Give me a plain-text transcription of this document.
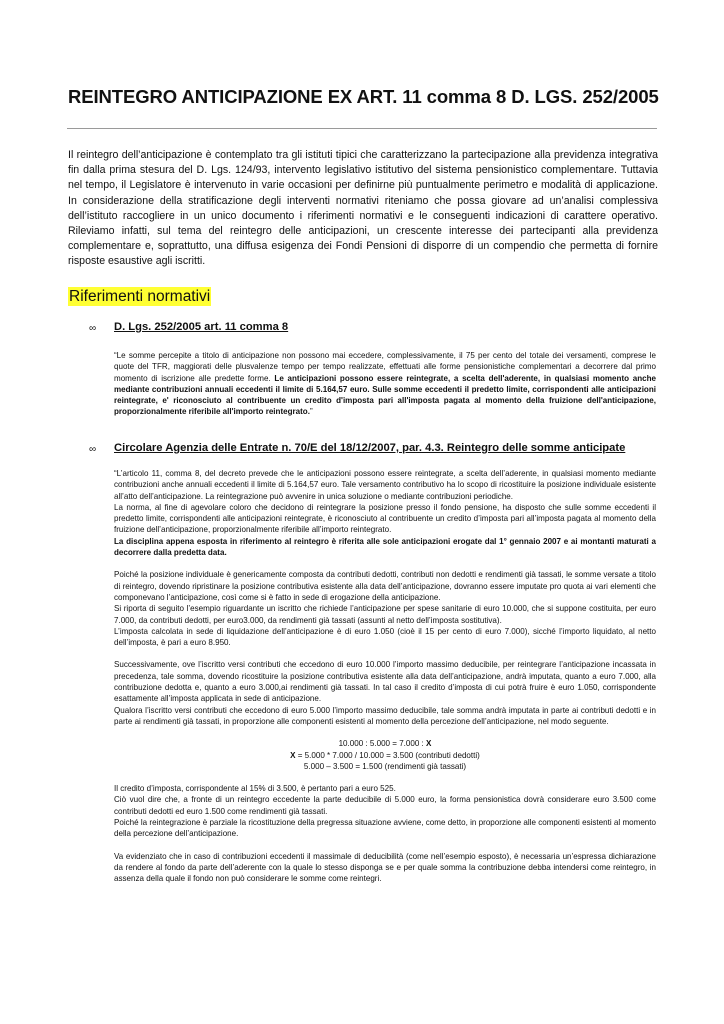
REINTEGRO ANTICIPAZIONE EX ART. 11 comma 8 D. LGS. 252/2005
Il reintegro dell’anticipazione è contemplato tra gli istituti tipici che caratterizzano la partecipazione alla previdenza integrativa fin dalla prima stesura del D. Lgs. 124/93, intervento legislativo istitutivo del sistema pensionistico complementare. Tuttavia nel tempo, il Legislatore è intervenuto in varie occasioni per definirne più puntualmente perimetro e modalità di applicazione. In considerazione della stratificazione degli interventi normativi riteniamo che possa giovare ad un’analisi complessiva dell’istituto raccogliere in un unico documento i riferimenti normativi e le conseguenti indicazioni di carattere operativo. Rileviamo infatti, sul tema del reintegro delle anticipazioni, un crescente interesse dei partecipanti alla previdenza complementare e, soprattutto, una diffusa esigenza dei Fondi Pensioni di disporre di un compendio che permetta di fornire risposte esaustive agli iscritti.
Riferimenti normativi
∞ D. Lgs. 252/2005 art. 11 comma 8

“Le somme percepite a titolo di anticipazione non possono mai eccedere, complessivamente, il 75 per cento del totale dei versamenti, comprese le quote del TFR, maggiorati delle plusvalenze tempo per tempo realizzate, effettuati alle forme pensionistiche complementari a decorrere dal primo momento di iscrizione alle predette forme. Le anticipazioni possono essere reintegrate, a scelta dell'aderente, in qualsiasi momento anche mediante contribuzioni annuali eccedenti il limite di 5.164,57 euro. Sulle somme eccedenti il predetto limite, corrispondenti alle anticipazioni reintegrate, e' riconosciuto al contribuente un credito d'imposta pari all'imposta pagata al momento della fruizione dell'anticipazione, proporzionalmente riferibile all'importo reintegrato.”

∞ Circolare Agenzia delle Entrate n. 70/E del 18/12/2007, par. 4.3. Reintegro delle somme anticipate

“L’articolo 11, comma 8, del decreto prevede che le anticipazioni possono essere reintegrate, a scelta dell’aderente, in qualsiasi momento mediante contribuzioni anche annuali eccedenti il limite di 5.164,57 euro. Tale versamento contributivo ha lo scopo di ricostituire la posizione individuale esistente all’atto dell’anticipazione. La reintegrazione può avvenire in unica soluzione o mediante contribuzioni periodiche.

La norma, al fine di agevolare coloro che decidono di reintegrare la posizione presso il fondo pensione, ha disposto che sulle somme eccedenti il predetto limite, corrispondenti alle anticipazioni reintegrate, è riconosciuto al contribuente un credito d’imposta pari all’imposta pagata al momento della fruizione dell’anticipazione, proporzionalmente riferibile all’importo reintegrato.

La disciplina appena esposta in riferimento al reintegro è riferita alle sole anticipazioni erogate dal 1° gennaio 2007 e ai montanti maturati a decorrere dalla predetta data.

Poiché la posizione individuale è genericamente composta da contributi dedotti, contributi non dedotti e rendimenti già tassati, le somme versate a titolo di reintegro, dovendo ripristinare la posizione contributiva esistente alla data dell’anticipazione, dovranno essere imputate pro quota ai vari elementi che componevano l’anticipazione, così come si è fatto in sede di erogazione della anticipazione.

Si riporta di seguito l’esempio riguardante un iscritto che richiede l’anticipazione per spese sanitarie di euro 10.000, che si suppone costituita, per euro 7.000, da contributi dedotti, per euro3.000, da rendimenti già tassati (assunti al netto dell’imposta sostitutiva).

L’imposta calcolata in sede di liquidazione dell’anticipazione è di euro 1.050 (cioè il 15 per cento di euro 7.000), sicché l’importo liquidato, al netto dell’imposta, è pari a euro 8.950.

Successivamente, ove l’iscritto versi contributi che eccedono di euro 10.000 l’importo massimo deducibile, per reintegrare l’anticipazione incassata in precedenza, tale somma, dovendo ricostituire la posizione contributiva esistente alla data dell’anticipazione, andrà imputata, quanto a euro 7.000, alla contribuzione dedotta e, quanto a euro 3.000,ai rendimenti già tassati. In tal caso il credito d’imposta di cui potrà fruire è euro 1.050, corrispondente esattamente all’imposta applicata in sede di anticipazione.

Qualora l’iscritto versi contributi che eccedono di euro 5.000 l’importo massimo deducibile, tale somma andrà imputata in parte ai contributi dedotti e in parte ai rendimenti già tassati, in proporzione alle componenti esistenti al momento della percezione dell’anticipazione, nel modo seguente.

10.000 : 5.000 = 7.000 : X

X = 5.000 * 7.000 / 10.000 = 3.500 (contributi dedotti)

5.000 – 3.500 = 1.500 (rendimenti già tassati)

Il credito d’imposta, corrispondente al 15% di 3.500, è pertanto pari a euro 525.

Ciò vuol dire che, a fronte di un reintegro eccedente la parte deducibile di 5.000 euro, la forma pensionistica dovrà considerare euro 3.500 come contributi dedotti ed euro 1.500 come rendimenti già tassati.

Poiché la reintegrazione è parziale la ricostituzione della pregressa situazione avviene, come detto, in proporzione alle componenti esistenti al momento della percezione dell’anticipazione.

Va evidenziato che in caso di contribuzioni eccedenti il massimale di deducibilità (come nell’esempio esposto), è necessaria un’espressa dichiarazione da rendere al fondo da parte dell’aderente con la quale lo stesso disponga se e per quale somma la contribuzione debba intendersi come reintegro, in assenza della quale il fondo non può considerare le somme come reintegri.
